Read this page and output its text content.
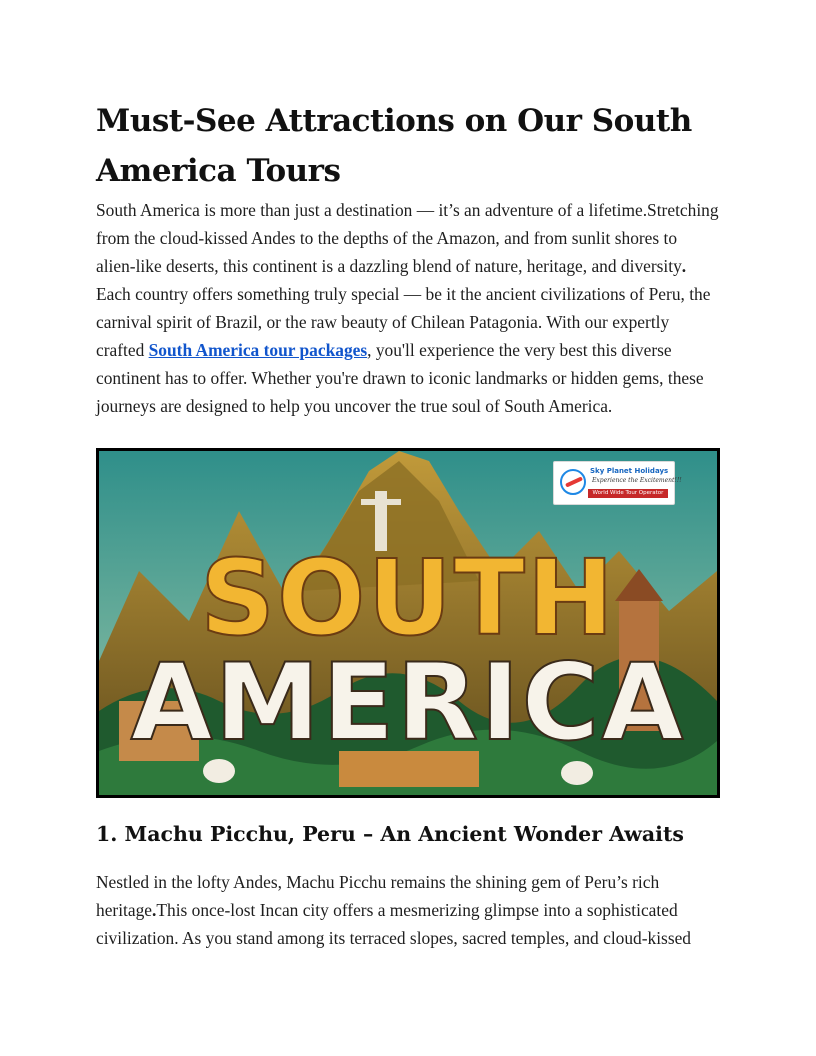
Must-See Attractions on Our South America Tours

South America is more than just a destination — it’s an adventure of a lifetime.Stretching from the cloud-kissed Andes to the depths of the Amazon, and from sunlit shores to alien-like deserts, this continent is a dazzling blend of nature, heritage, and diversity. Each country offers something truly special — be it the ancient civilizations of Peru, the carnival spirit of Brazil, or the raw beauty of Chilean Patagonia. With our expertly crafted South America tour packages, you'll experience the very best this diverse continent has to offer. Whether you're drawn to iconic landmarks or hidden gems, these journeys are designed to help you uncover the true soul of South America.

SOUTH
AMERICA
Sky Planet Holidays
Experience the Excitement!!!
World Wide Tour Operator
1. Machu Picchu, Peru – An Ancient Wonder Awaits

Nestled in the lofty Andes, Machu Picchu remains the shining gem of Peru’s rich heritage.This once-lost Incan city offers a mesmerizing glimpse into a sophisticated civilization. As you stand among its terraced slopes, sacred temples, and cloud-kissed
